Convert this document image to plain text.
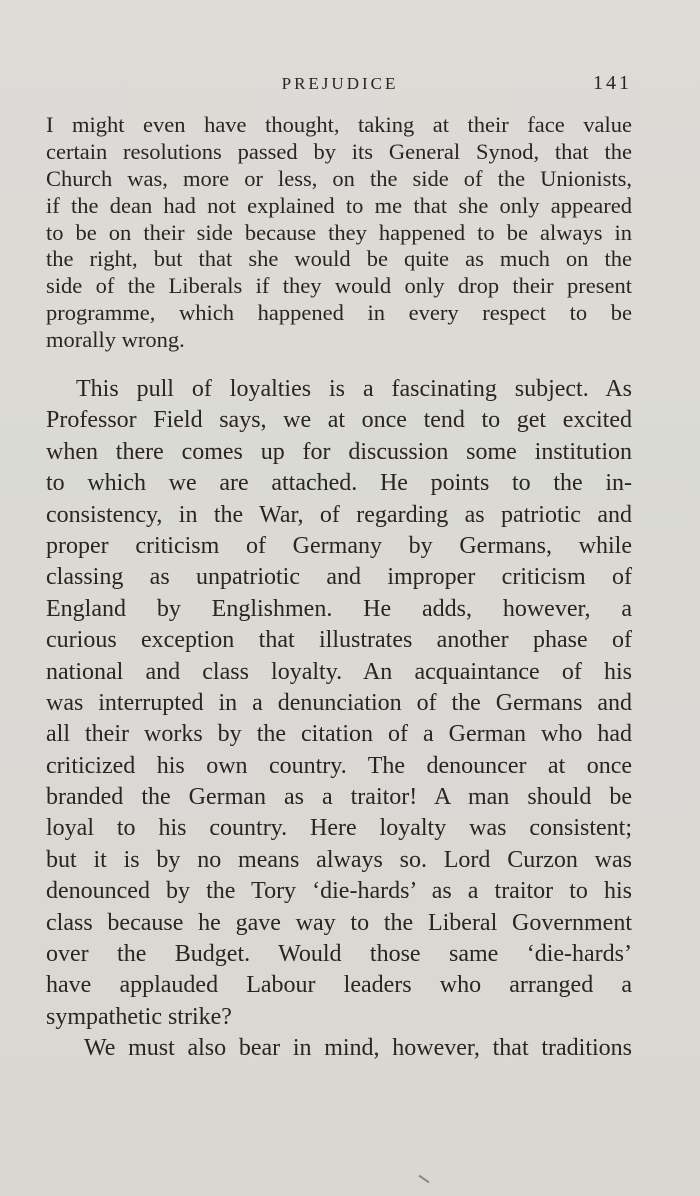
PREJUDICE	141
I might even have thought, taking at their face value
certain resolutions passed by its General Synod, that the
Church was, more or less, on the side of the Unionists,
if the dean had not explained to me that she only appeared
to be on their side because they happened to be always in
the right, but that she would be quite as much on the
side of the Liberals if they would only drop their present
programme, which happened in every respect to be
morally wrong.
This pull of loyalties is a fascinating subject. As
Professor Field says, we at once tend to get excited
when there comes up for discussion some institution
to which we are attached. He points to the in-
consistency, in the War, of regarding as patriotic and
proper criticism of Germany by Germans, while
classing as unpatriotic and improper criticism of
England by Englishmen. He adds, however, a
curious exception that illustrates another phase of
national and class loyalty. An acquaintance of his
was interrupted in a denunciation of the Germans and
all their works by the citation of a German who had
criticized his own country. The denouncer at once
branded the German as a traitor! A man should be
loyal to his country. Here loyalty was consistent;
but it is by no means always so. Lord Curzon was
denounced by the Tory ‘die-hards’ as a traitor to his
class because he gave way to the Liberal Government
over the Budget. Would those same ‘die-hards’
have applauded Labour leaders who arranged a
sympathetic strike?
We must also bear in mind, however, that traditions
